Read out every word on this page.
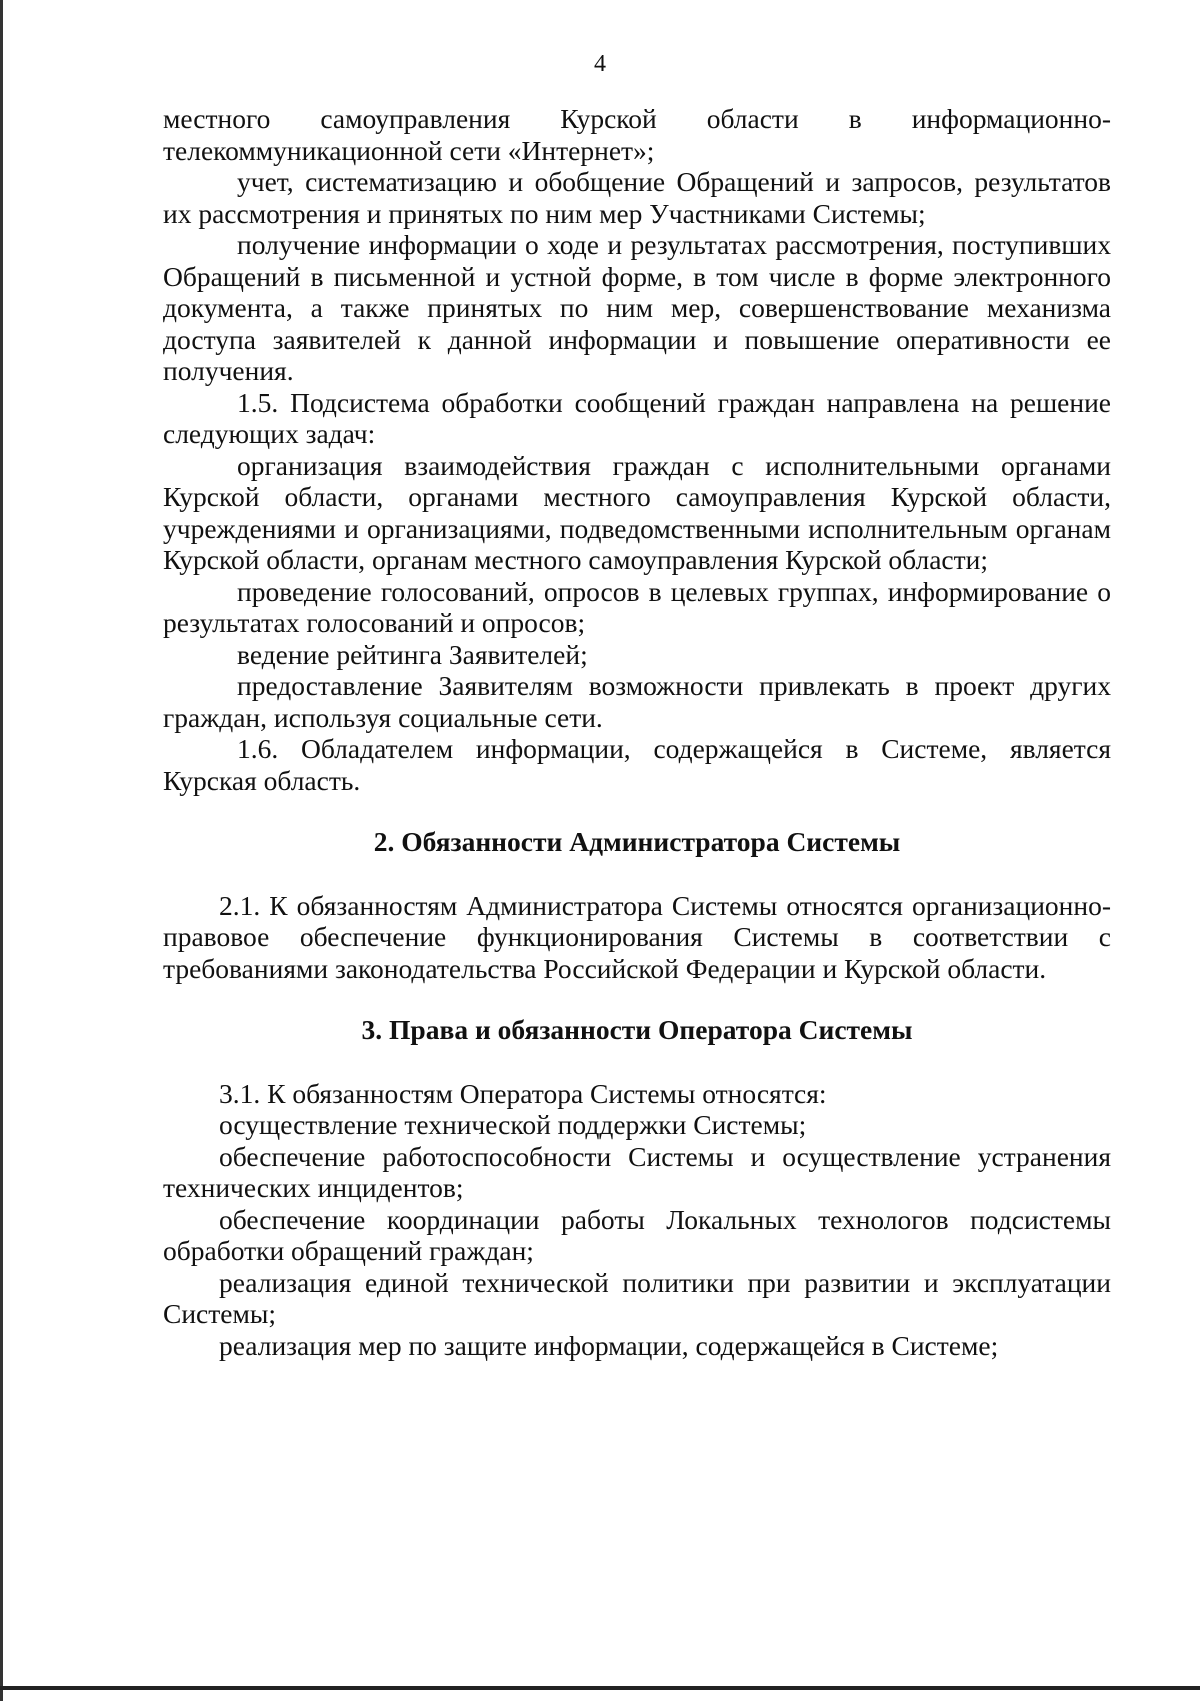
4

местного самоуправления Курской области в информационно-телекоммуникационной сети «Интернет»;

учет, систематизацию и обобщение Обращений и запросов, результатов их рассмотрения и принятых по ним мер Участниками Системы;

получение информации о ходе и результатах рассмотрения, поступивших Обращений в письменной и устной форме, в том числе в форме электронного документа, а также принятых по ним мер, совершенствование механизма доступа заявителей к данной информации и повышение оперативности ее получения.

1.5. Подсистема обработки сообщений граждан направлена на решение следующих задач:

организация взаимодействия граждан с исполнительными органами Курской области, органами местного самоуправления Курской области, учреждениями и организациями, подведомственными исполнительным органам Курской области, органам местного самоуправления Курской области;

проведение голосований, опросов в целевых группах, информирование о результатах голосований и опросов;

ведение рейтинга Заявителей;

предоставление Заявителям возможности привлекать в проект других граждан, используя социальные сети.

1.6. Обладателем информации, содержащейся в Системе, является Курская область.

2. Обязанности Администратора Системы

2.1. К обязанностям Администратора Системы относятся организационно-правовое обеспечение функционирования Системы в соответствии с требованиями законодательства Российской Федерации и Курской области.

3. Права и обязанности Оператора Системы

3.1. К обязанностям Оператора Системы относятся:

осуществление технической поддержки Системы;

обеспечение работоспособности Системы и осуществление устранения технических инцидентов;

обеспечение координации работы Локальных технологов подсистемы обработки обращений граждан;

реализация единой технической политики при развитии и эксплуатации Системы;

реализация мер по защите информации, содержащейся в Системе;
